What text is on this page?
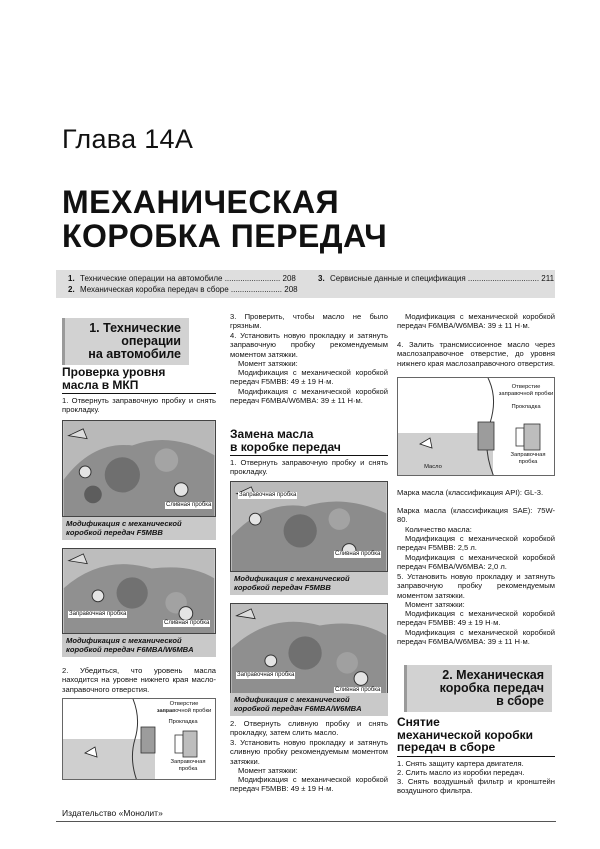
Глава 14А
МЕХАНИЧЕСКАЯ
КОРОБКА ПЕРЕДАЧ
1. Технические операции на автомобиле ......................... 208
2. Механическая коробка передач в сборе ....................... 208
3. Сервисные данные и спецификация ................................ 211
1. Технические
операции
на автомобиле
Проверка уровня
масла в МКП
1. Отвернуть заправочную пробку и снять прокладку.
Сливная пробка
Модификация с механической коробкой передач F5MBB
Заправочная пробка
Сливная пробка
Модификация с механической коробкой передач F6MBA/W6MBA
2. Убедиться, что уровень масла находится на уровне нижнего края масло-заправочного отверстия.
Отверстие заправочной пробки
Прокладка
Заправочная пробка
3. Проверить, чтобы масло не было грязным.
4. Установить новую прокладку и затянуть заправочную пробку рекомендуемым моментом затяжки.
Момент затяжки:
Модификация с механической коробкой передач F5MBB: 49 ± 19 Н·м.
Модификация с механической коробкой передач F6MBA/W6MBA: 39 ± 11 Н·м.
Замена масла
в коробке передач
1. Отвернуть заправочную пробку и снять прокладку.
Заправочная пробка
Сливная пробка
Модификация с механической коробкой передач F5MBB
Заправочная пробка
Сливная пробка
Модификация с механической коробкой передач F6MBA/W6MBA
2. Отвернуть сливную пробку и снять прокладку, затем слить масло.
3. Установить новую прокладку и затянуть сливную пробку рекомендуемым моментом затяжки.
Момент затяжки:
Модификация с механической коробкой передач F5MBB: 49 ± 19 Н·м.
Модификация с механической коробкой передач F6MBA/W6MBA: 39 ± 11 Н·м.
4. Залить трансмиссионное масло через маслозаправочное отверстие, до уровня нижнего края маслозаправочного отверстия.
Отверстие заправочной пробки
Прокладка
Заправочная пробка
Масло
Марка масла (классификация API): GL-3.
Марка масла (классификация SAE): 75W-80.
Количество масла:
Модификация с механической коробкой передач F5MBB: 2,5 л.
Модификация с механической коробкой передач F6MBA/W6MBA: 2,0 л.
5. Установить новую прокладку и затянуть заправочную пробку рекомендуемым моментом затяжки.
Момент затяжки:
Модификация с механической коробкой передач F5MBB: 49 ± 19 Н·м.
Модификация с механической коробкой передач F6MBA/W6MBA: 39 ± 11 Н·м.
2. Механическая
коробка передач
в сборе
Снятие
механической коробки
передач в сборе
1. Снять защиту картера двигателя.
2. Слить масло из коробки передач.
3. Снять воздушный фильтр и кронштейн воздушного фильтра.
Издательство «Монолит»
